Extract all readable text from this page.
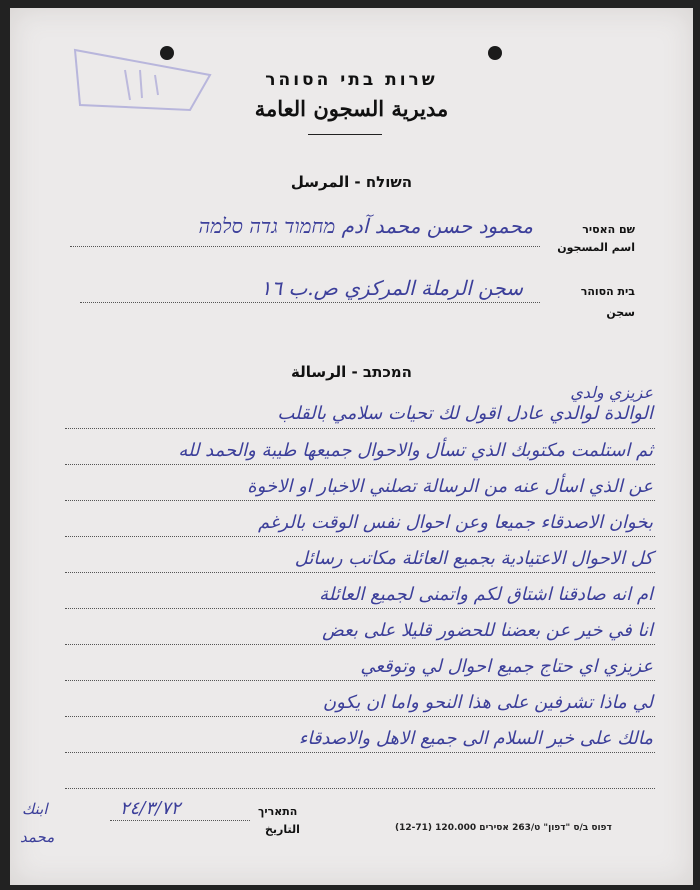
שרות בתי הסוהר
مديرية السجون العامة
השולח - المرسل
שם האסיר
اسم المسجون
محمود حسن محمد آدم מחמוד גדה סלמה
בית הסוהר
سجن
سجن الرملة المركزي ص.ب ١٦
המכתב - الرسالة
عزيزي ولدي
الوالدة لوالدي عادل اقول لك تحيات سلامي بالقلب
ثم استلمت مكتوبك الذي تسأل والاحوال جميعها طيبة والحمد لله
عن الذي اسأل عنه من الرسالة تصلني الاخبار او الاخوة
بخوان الاصدقاء جميعا وعن احوال نفس الوقت بالرغم
كل الاحوال الاعتيادية بجميع العائلة مكاتب رسائل
ام انه صادقنا اشتاق لكم واتمنى لجميع العائلة
انا في خير عن بعضنا للحضور قليلا على بعض
عزيزي اي حتاج جميع احوال لي وتوقعي
لي ماذا تشرفين على هذا النحو واما ان يكون
مالك على خير السلام الى جميع الاهل والاصدقاء
התאריך
التاريخ
٢٤/٣/٧٢
דפוס ב/ס "דפון" ט/263 אסירים 120.000 (12-71)
ابنك
محمد
